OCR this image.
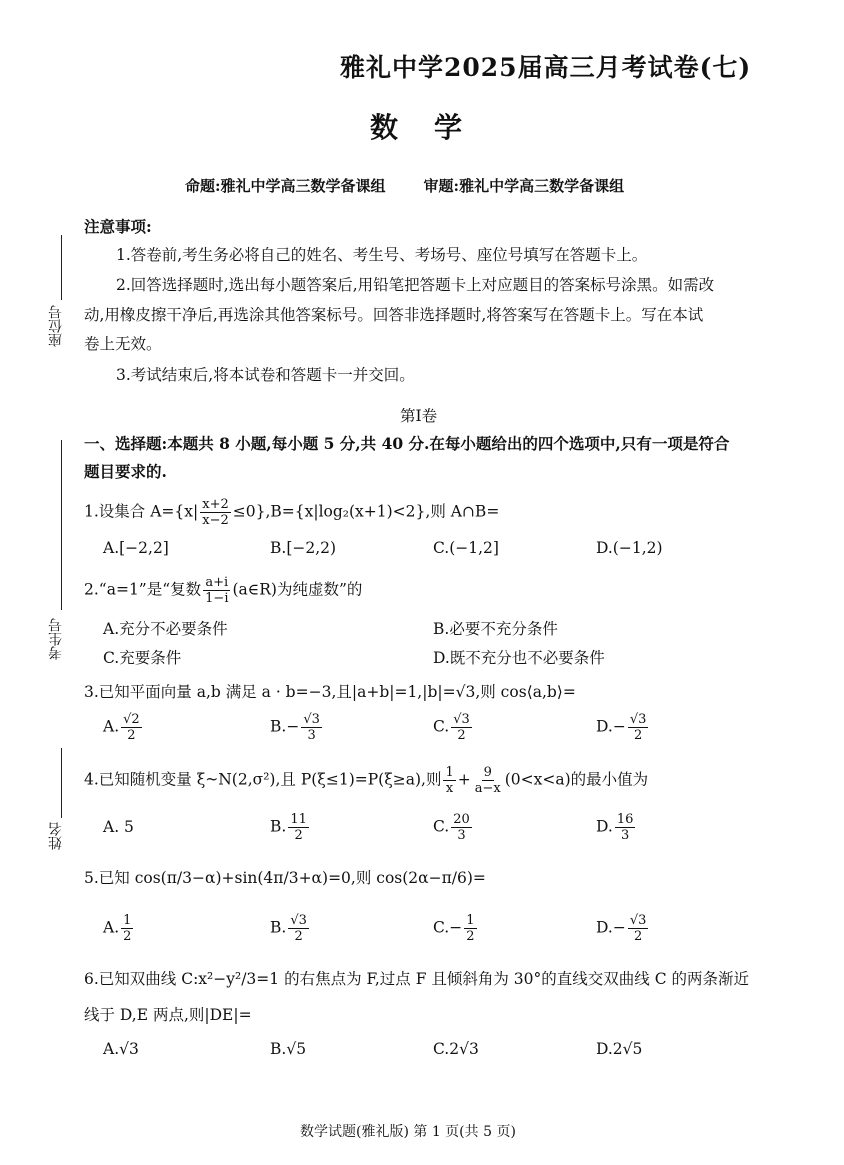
座位号
考生号
姓名
雅礼中学2025届高三月考试卷(七)
数学
命题:雅礼中学高三数学备课组	审题:雅礼中学高三数学备课组
注意事项:
1.答卷前,考生务必将自己的姓名、考生号、考场号、座位号填写在答题卡上。
2.回答选择题时,选出每小题答案后,用铅笔把答题卡上对应题目的答案标号涂黑。如需改
动,用橡皮擦干净后,再选涂其他答案标号。回答非选择题时,将答案写在答题卡上。写在本试
卷上无效。
3.考试结束后,将本试卷和答题卡一并交回。
第Ⅰ卷
一、选择题:本题共 8 小题,每小题 5 分,共 40 分.在每小题给出的四个选项中,只有一项是符合
题目要求的.
1.设集合 $A=\{x| \frac{x+2}{x-2} \le 0\},B=\{x|\log_2(x+1)<2\}$,则 A∩B=
A.[−2,2]	B.[−2,2)	C.(−1,2]	D.(−1,2)
2.“a=1”是“复数 $\frac{a+i}{1-i}$ (a∈R)为纯虚数”的
A.充分不必要条件	B.必要不充分条件
C.充要条件	D.既不充分也不必要条件
3.已知平面向量 a,b 满足 a · b=−3,且|a+b|=1,|b|=√3,则 cos⟨a,b⟩=
A. $\frac{√2}{2}$	$B.- \frac{√3}{3}$	C. $\frac{√3}{2}$	$D.- \frac{√3}{2}$
4.已知随机变量 ξ~N(2,σ²),且 P(ξ≤1)=P(ξ≥a),则 $\frac{1}{x} + \frac{9}{a-x} (0<x<a)$的最小值为
A. 5	B. $\frac{11}{2}$	C. $\frac{20}{3}$	D. $\frac{16}{3}$
5.已知 cos(π/3−α)+sin(4π/3+α)=0,则 cos(2α−π/6)=
A. $\frac{1}{2}$	B. $\frac{√3}{2}$	$C.- \frac{1}{2}$	$D.- \frac{√3}{2}$
6.已知双曲线 C:x²−y²/3=1 的右焦点为 F,过点 F 且倾斜角为 30°的直线交双曲线 C 的两条渐近
线于 D,E 两点,则|DE|=
A.√3	B.√5	C.2√3	D.2√5
数学试题(雅礼版) 第 1 页(共 5 页)
